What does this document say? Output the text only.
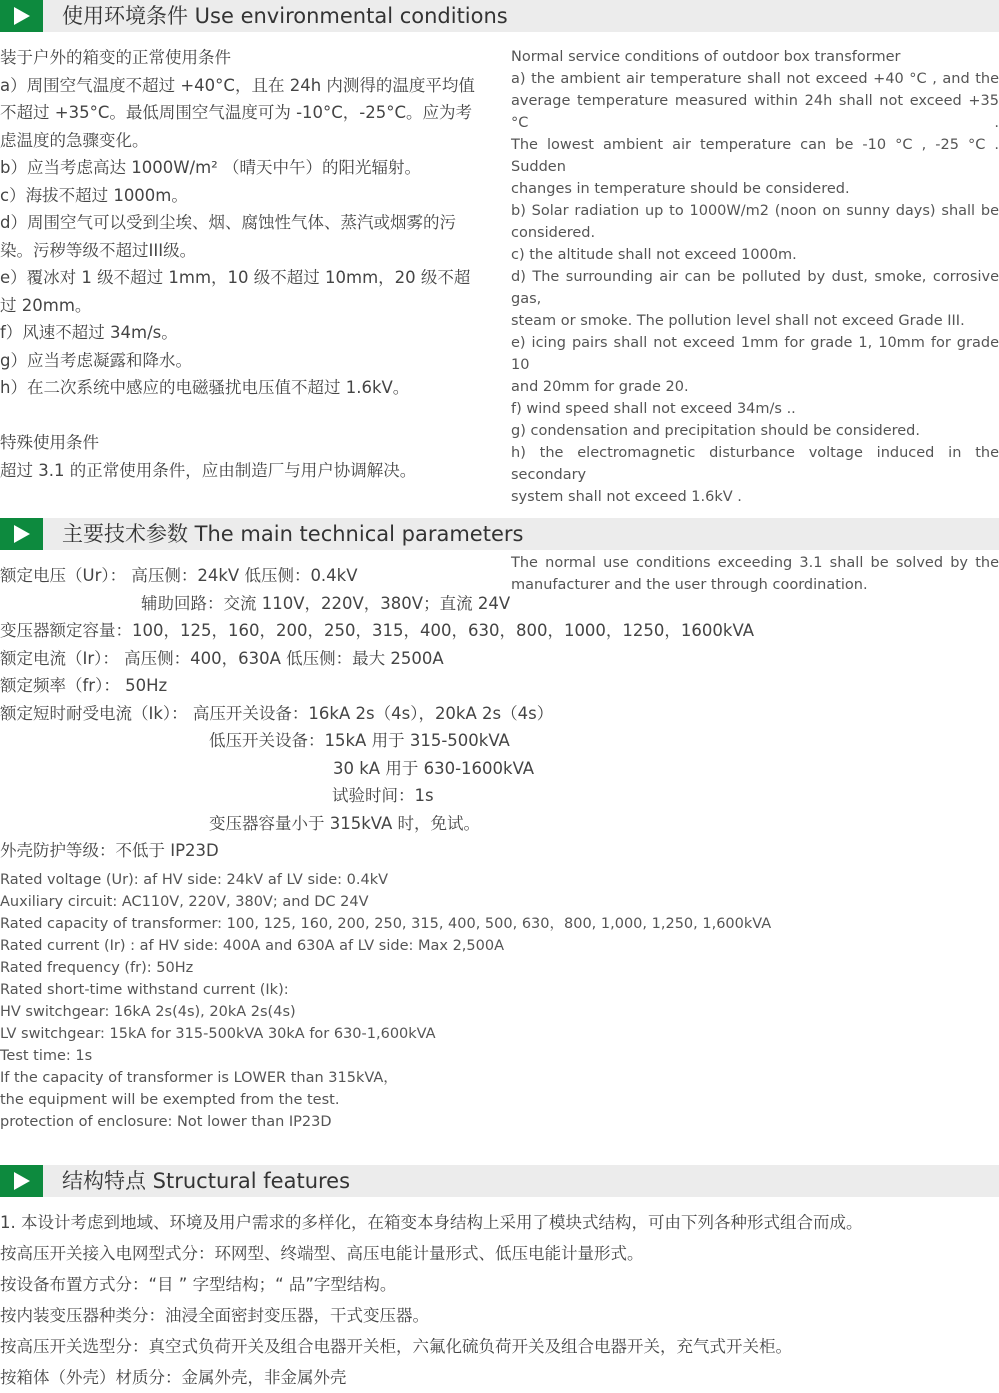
使用环境条件 Use environmental conditions
装于户外的箱变的正常使用条件
a）周围空气温度不超过 +40°C，且在 24h 内测得的温度平均值
不超过 +35°C。最低周围空气温度可为 -10°C，-25°C。应为考
虑温度的急骤变化。
b）应当考虑高达 1000W/m² （晴天中午）的阳光辐射。
c）海拔不超过 1000m。
d）周围空气可以受到尘埃、烟、腐蚀性气体、蒸汽或烟雾的污
染。污秽等级不超过III级。
e）覆冰对 1 级不超过 1mm，10 级不超过 10mm，20 级不超
过 20mm。
f）风速不超过 34m/s。
g）应当考虑凝露和降水。
h）在二次系统中感应的电磁骚扰电压值不超过 1.6kV。
特殊使用条件
超过 3.1 的正常使用条件，应由制造厂与用户协调解决。
Normal service conditions of outdoor box transformer
a) the ambient air temperature shall not exceed +40 °C , and the
average temperature measured within 24h shall not exceed +35 °C .
The lowest ambient air temperature can be -10 °C , -25 °C . Sudden
changes in temperature should be considered.
b) Solar radiation up to 1000W/m2 (noon on sunny days) shall be
considered.
c) the altitude shall not exceed 1000m.
d) The surrounding air can be polluted by dust, smoke, corrosive gas,
steam or smoke. The pollution level shall not exceed Grade III.
e) icing pairs shall not exceed 1mm for grade 1, 10mm for grade 10
and 20mm for grade 20.
f) wind speed shall not exceed 34m/s ..
g) condensation and precipitation should be considered.
h) the electromagnetic disturbance voltage induced in the secondary
system shall not exceed 1.6kV .
The normal use conditions exceeding 3.1 shall be solved by the
manufacturer and the user through coordination.
主要技术参数 The main technical parameters
额定电压（Ur）： 高压侧：24kV 低压侧：0.4kV
辅助回路：交流 110V，220V，380V；直流 24V
变压器额定容量：100，125，160，200，250，315，400，630，800，1000，1250，1600kVA
额定电流（Ir）： 高压侧：400，630A 低压侧：最大 2500A
额定频率（fr）： 50Hz
额定短时耐受电流（Ik）： 高压开关设备：16kA 2s（4s），20kA 2s（4s）
低压开关设备：15kA 用于 315-500kVA
30 kA 用于 630-1600kVA
试验时间：1s
变压器容量小于 315kVA 时，免试。
外壳防护等级：不低于 IP23D
Rated voltage (Ur): af HV side: 24kV af LV side: 0.4kV
Auxiliary circuit: AC110V, 220V, 380V; and DC 24V
Rated capacity of transformer: 100, 125, 160, 200, 250, 315, 400, 500, 630，800, 1,000, 1,250, 1,600kVA
Rated current (Ir) : af HV side: 400A and 630A af LV side: Max 2,500A
Rated frequency (fr): 50Hz
Rated short-time withstand current (Ik):
HV switchgear: 16kA 2s(4s), 20kA 2s(4s)
LV switchgear: 15kA for 315-500kVA 30kA for 630-1,600kVA
Test time: 1s
If the capacity of transformer is LOWER than 315kVA，
the equipment will be exempted from the test.
protection of enclosure: Not lower than IP23D
结构特点 Structural features
1. 本设计考虑到地域、环境及用户需求的多样化，在箱变本身结构上采用了模块式结构，可由下列各种形式组合而成。
按高压开关接入电网型式分：环网型、终端型、高压电能计量形式、低压电能计量形式。
按设备布置方式分：“目 ” 字型结构；“ 品”字型结构。
按内装变压器种类分：油浸全面密封变压器，干式变压器。
按高压开关选型分：真空式负荷开关及组合电器开关柜，六氟化硫负荷开关及组合电器开关，充气式开关柜。
按箱体（外壳）材质分：金属外壳，非金属外壳
